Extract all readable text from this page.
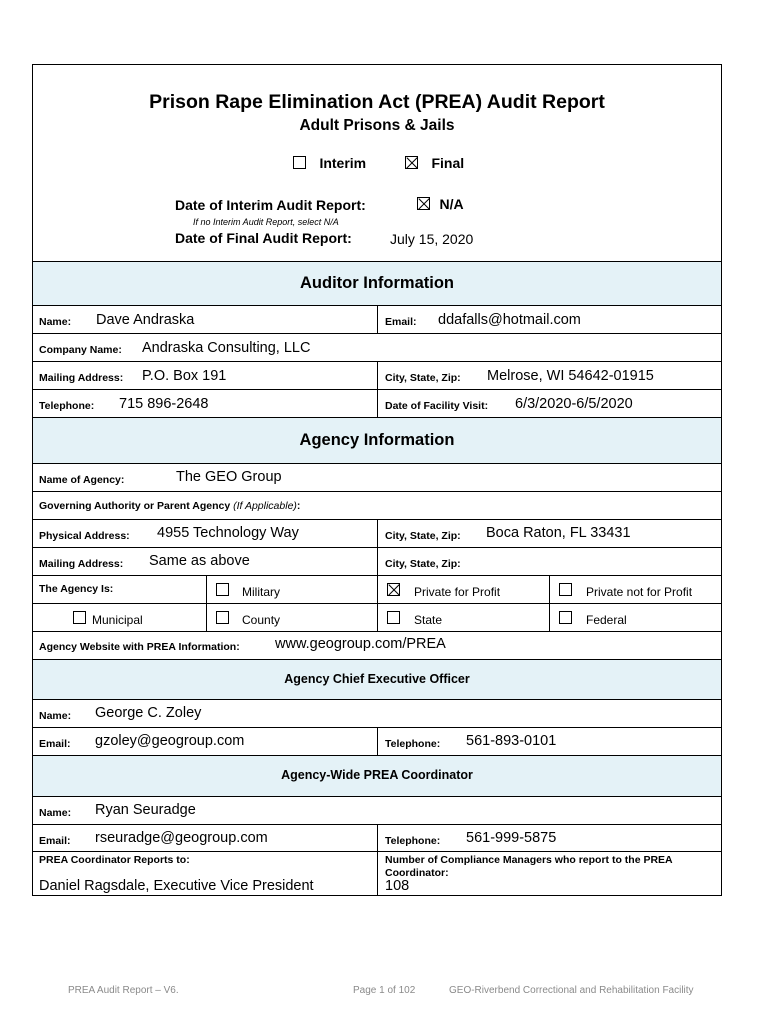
Prison Rape Elimination Act (PREA) Audit Report
Adult Prisons & Jails
Interim	Final
Date of Interim Audit Report:	N/A
If no Interim Audit Report, select N/A
Date of Final Audit Report:	July 15, 2020
Auditor Information
Name: Dave Andraska	Email: ddafalls@hotmail.com
Company Name: Andraska Consulting, LLC
Mailing Address: P.O. Box 191	City, State, Zip: Melrose, WI 54642-01915
Telephone: 715 896-2648	Date of Facility Visit: 6/3/2020-6/5/2020
Agency Information
Name of Agency:	The GEO Group
Governing Authority or Parent Agency (If Applicable):
Physical Address: 4955 Technology Way	City, State, Zip: Boca Raton, FL 33431
Mailing Address: Same as above	City, State, Zip:
The Agency Is:	Military	Private for Profit	Private not for Profit
Municipal	County	State	Federal
Agency Website with PREA Information: www.geogroup.com/PREA
Agency Chief Executive Officer
Name: George C. Zoley
Email: gzoley@geogroup.com	Telephone: 561-893-0101
Agency-Wide PREA Coordinator
Name: Ryan Seuradge
Email: rseuradge@geogroup.com	Telephone: 561-999-5875
PREA Coordinator Reports to:
Daniel Ragsdale, Executive Vice President
Number of Compliance Managers who report to the PREA
Coordinator:
108
PREA Audit Report – V6.	Page 1 of 102	GEO-Riverbend Correctional and Rehabilitation Facility
